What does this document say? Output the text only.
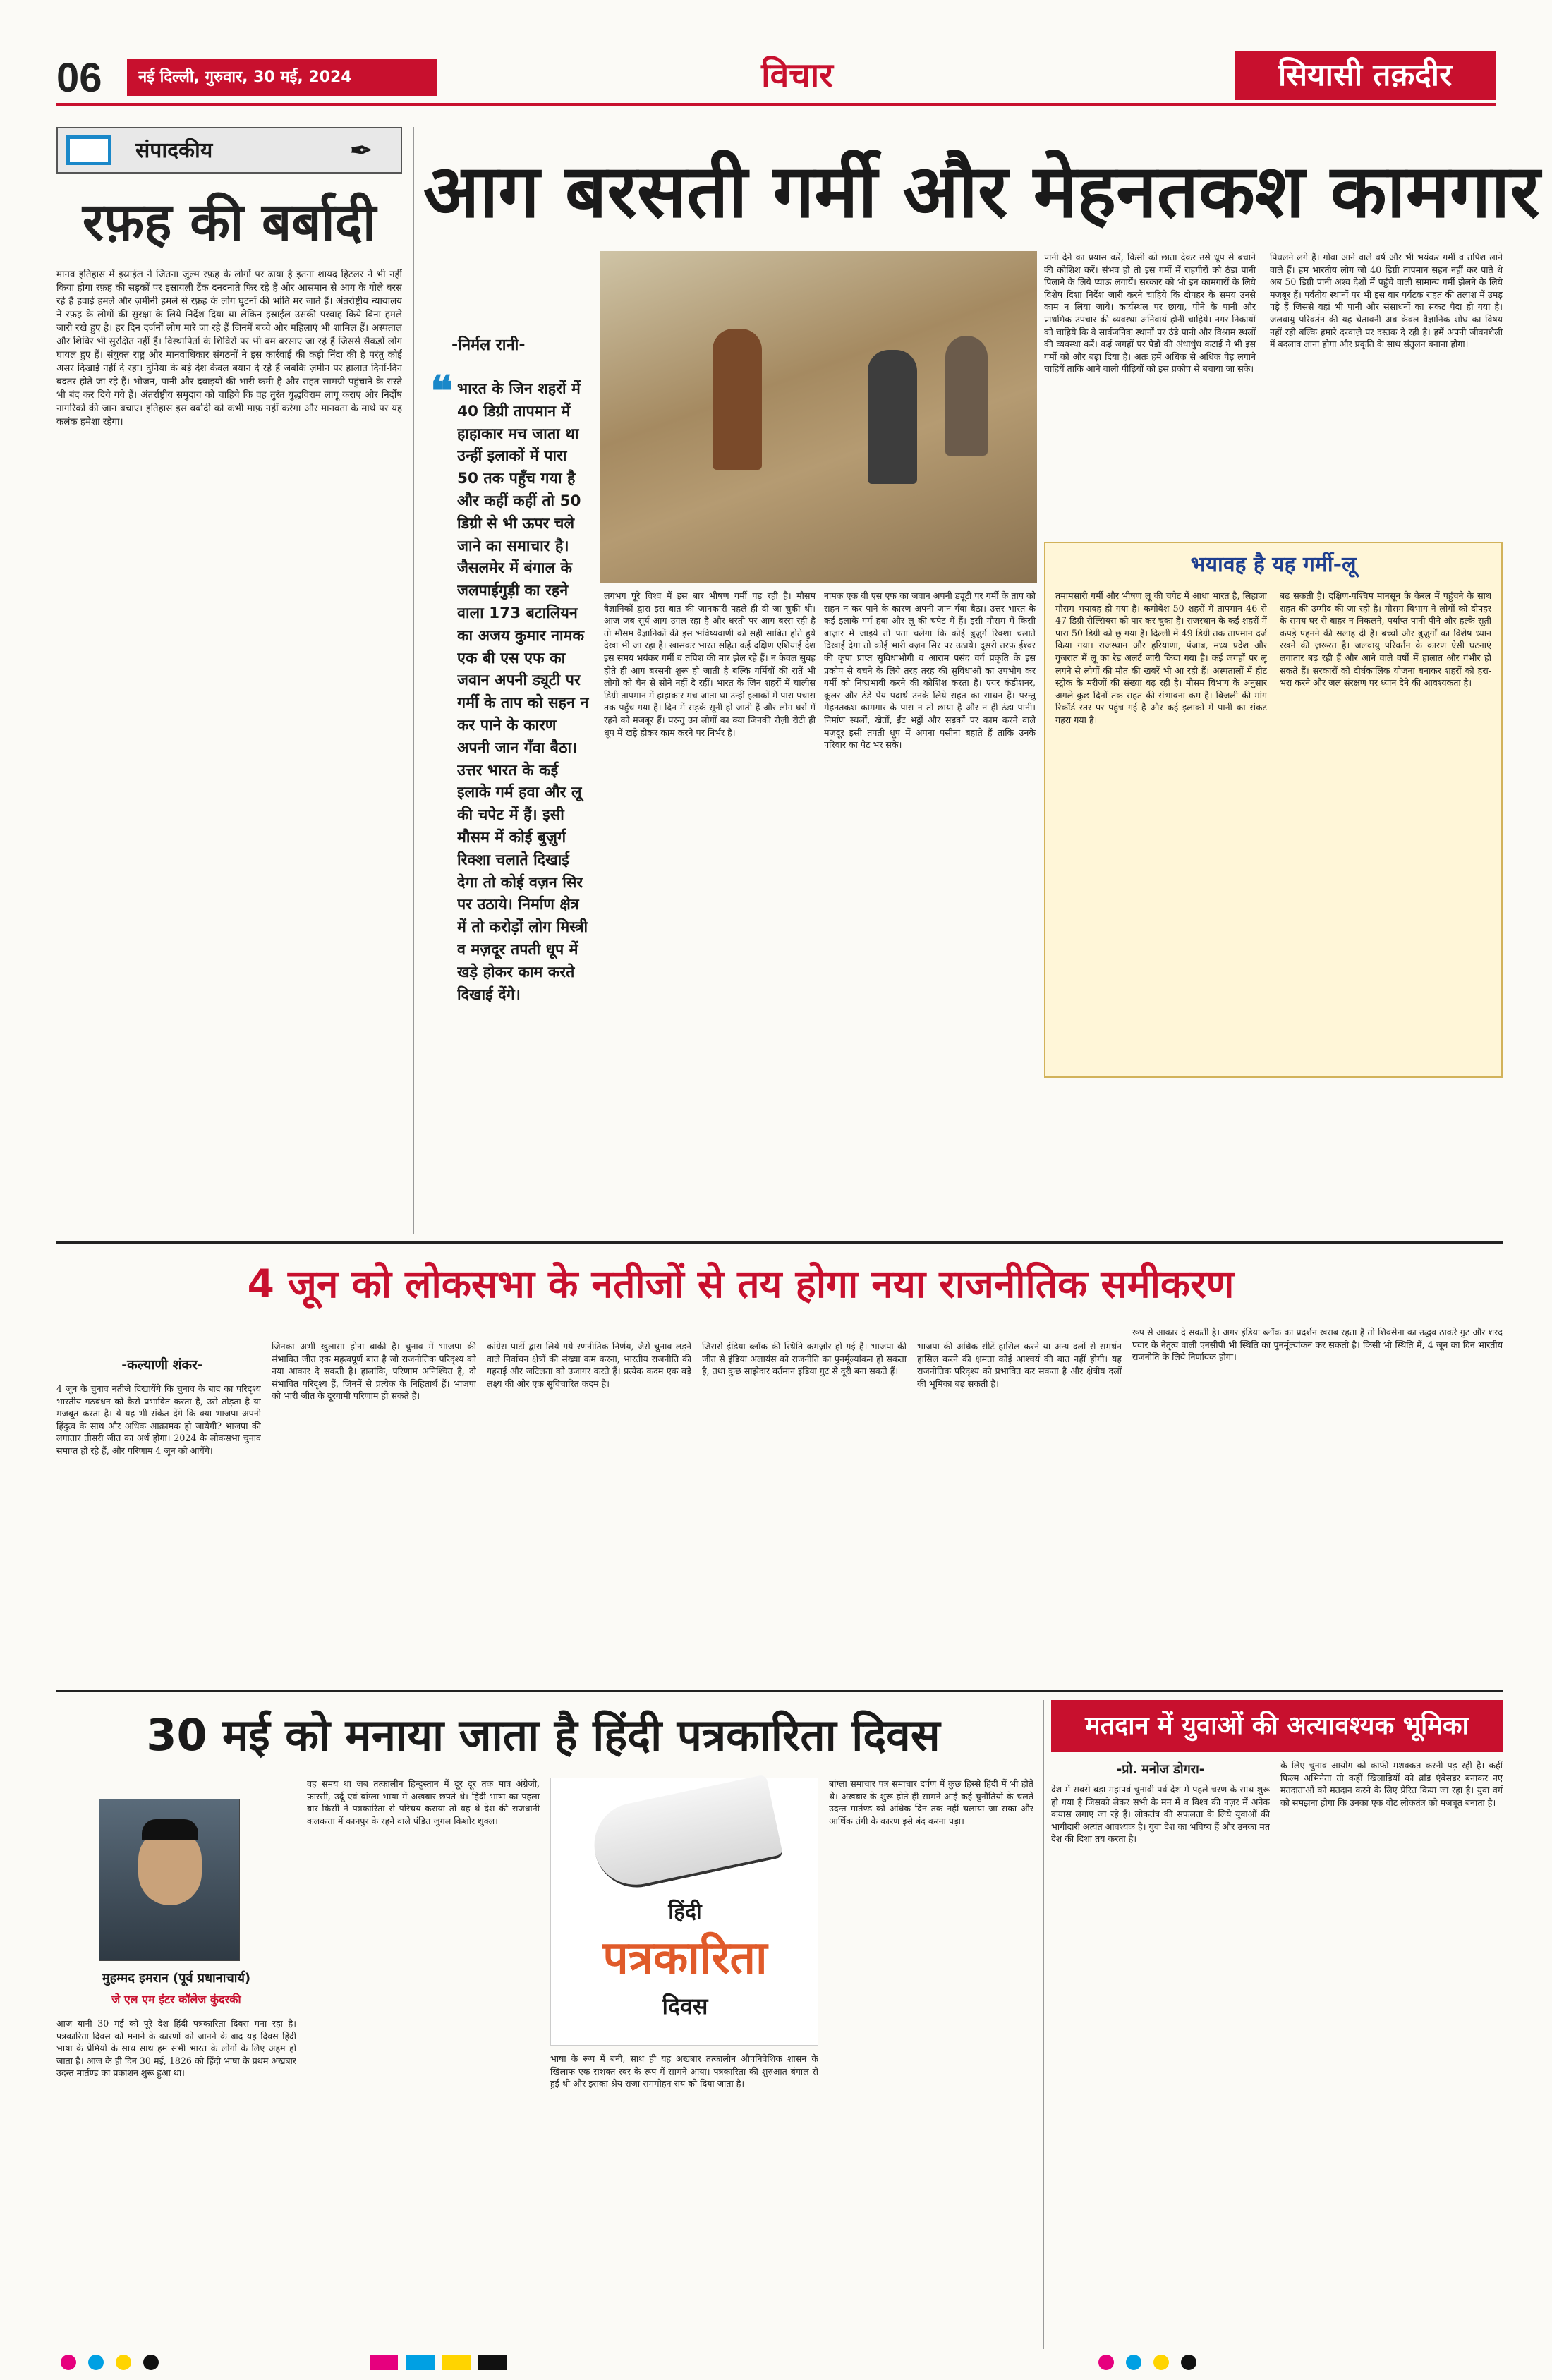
06	नई दिल्ली, गुरुवार, 30 मई, 2024	विचार	सियासी तक़दीर
संपादकीय	✒
रफ़ह की बर्बादी
मानव इतिहास में इस्राईल ने जितना जुल्म रफ़ह के लोगों पर ढाया है इतना शायद हिटलर ने भी नहीं किया होगा रफ़ह की सड़कों पर इस्रायली टैंक दनदनाते फिर रहे हैं और आसमान से आग के गोले बरस रहे हैं हवाई हमले और ज़मीनी हमले से रफ़ह के लोग घुटनों की भांति मर जाते हैं। अंतर्राष्ट्रीय न्यायालय ने रफ़ह के लोगों की सुरक्षा के लिये निर्देश दिया था लेकिन इस्राईल उसकी परवाह किये बिना हमले जारी रखे हुए है। हर दिन दर्जनों लोग मारे जा रहे हैं जिनमें बच्चे और महिलाएं भी शामिल हैं। अस्पताल और शिविर भी सुरक्षित नहीं हैं। विस्थापितों के शिविरों पर भी बम बरसाए जा रहे हैं जिससे सैकड़ों लोग घायल हुए हैं। संयुक्त राष्ट्र और मानवाधिकार संगठनों ने इस कार्रवाई की कड़ी निंदा की है परंतु कोई असर दिखाई नहीं दे रहा। दुनिया के बड़े देश केवल बयान दे रहे हैं जबकि ज़मीन पर हालात दिनों-दिन बदतर होते जा रहे हैं। भोजन, पानी और दवाइयों की भारी कमी है और राहत सामग्री पहुंचाने के रास्ते भी बंद कर दिये गये हैं। अंतर्राष्ट्रीय समुदाय को चाहिये कि वह तुरंत युद्धविराम लागू कराए और निर्दोष नागरिकों की जान बचाए। इतिहास इस बर्बादी को कभी माफ़ नहीं करेगा और मानवता के माथे पर यह कलंक हमेशा रहेगा।
आग बरसती गर्मी और मेहनतकश कामगार
-निर्मल रानी-
❝ भारत के जिन शहरों में 40 डिग्री तापमान में हाहाकार मच जाता था उन्हीं इलाकों में पारा 50 तक पहुँच गया है और कहीं कहीं तो 50 डिग्री से भी ऊपर चले जाने का समाचार है। जैसलमेर में बंगाल के जलपाईगुड़ी का रहने वाला 173 बटालियन का अजय कुमार नामक एक बी एस एफ का जवान अपनी ड्यूटी पर गर्मी के ताप को सहन न कर पाने के कारण अपनी जान गँवा बैठा। उत्तर भारत के कई इलाके गर्म हवा और लू की चपेट में हैं। इसी मौसम में कोई बुज़ुर्ग रिक्शा चलाते दिखाई देगा तो कोई वज़न सिर पर उठाये। निर्माण क्षेत्र में तो करोड़ों लोग मिस्त्री व मज़दूर तपती धूप में खड़े होकर काम करते दिखाई देंगे।
लगभग पूरे विश्व में इस बार भीषण गर्मी पड़ रही है। मौसम वैज्ञानिकों द्वारा इस बात की जानकारी पहले ही दी जा चुकी थी। आज जब सूर्य आग उगल रहा है और धरती पर आग बरस रही है तो मौसम वैज्ञानिकों की इस भविष्यवाणी को सही साबित होते हुये देखा भी जा रहा है। खासकर भारत सहित कई दक्षिण एशियाई देश इस समय भयंकर गर्मी व तपिश की मार झेल रहे हैं। न केवल सुबह होते ही आग बरसनी शुरू हो जाती है बल्कि गर्मियों की रातें भी लोगों को चैन से सोने नहीं दे रहीं। भारत के जिन शहरों में चालीस डिग्री तापमान में हाहाकार मच जाता था उन्हीं इलाकों में पारा पचास तक पहुँच गया है। दिन में सड़कें सूनी हो जाती हैं और लोग घरों में रहने को मजबूर हैं। परन्तु उन लोगों का क्या जिनकी रोज़ी रोटी ही धूप में खड़े होकर काम करने पर निर्भर है।
नामक एक बी एस एफ का जवान अपनी ड्यूटी पर गर्मी के ताप को सहन न कर पाने के कारण अपनी जान गँवा बैठा। उत्तर भारत के कई इलाके गर्म हवा और लू की चपेट में हैं। इसी मौसम में किसी बाज़ार में जाइये तो पता चलेगा कि कोई बुज़ुर्ग रिक्शा चलाते दिखाई देगा तो कोई भारी वज़न सिर पर उठाये। दूसरी तरफ़ ईश्वर की कृपा प्राप्त सुविधाभोगी व आराम पसंद वर्ग प्रकृति के इस प्रकोप से बचने के लिये तरह तरह की सुविधाओं का उपभोग कर गर्मी को निष्प्रभावी करने की कोशिश करता है। एयर कंडीशनर, कूलर और ठंडे पेय पदार्थ उनके लिये राहत का साधन हैं। परन्तु मेहनतकश कामगार के पास न तो छाया है और न ही ठंडा पानी। निर्माण स्थलों, खेतों, ईंट भट्ठों और सड़कों पर काम करने वाले मज़दूर इसी तपती धूप में अपना पसीना बहाते हैं ताकि उनके परिवार का पेट भर सके।
पानी देने का प्रयास करें, किसी को छाता देकर उसे धूप से बचाने की कोशिश करें। संभव हो तो इस गर्मी में राहगीरों को ठंडा पानी पिलाने के लिये प्याऊ लगायें। सरकार को भी इन कामगारों के लिये विशेष दिशा निर्देश जारी करने चाहिये कि दोपहर के समय उनसे काम न लिया जाये। कार्यस्थल पर छाया, पीने के पानी और प्राथमिक उपचार की व्यवस्था अनिवार्य होनी चाहिये। नगर निकायों को चाहिये कि वे सार्वजनिक स्थानों पर ठंडे पानी और विश्राम स्थलों की व्यवस्था करें। कई जगहों पर पेड़ों की अंधाधुंध कटाई ने भी इस गर्मी को और बढ़ा दिया है। अतः हमें अधिक से अधिक पेड़ लगाने चाहियें ताकि आने वाली पीढ़ियों को इस प्रकोप से बचाया जा सके।
पिघलने लगे हैं। गोवा आने वाले वर्ष और भी भयंकर गर्मी व तपिश लाने वाले हैं। हम भारतीय लोग जो 40 डिग्री तापमान सहन नहीं कर पाते थे अब 50 डिग्री पानी अश्व देशों में पहुंचे वाली सामान्य गर्मी झेलने के लिये मजबूर हैं। पर्वतीय स्थानों पर भी इस बार पर्यटक राहत की तलाश में उमड़ पड़े हैं जिससे वहां भी पानी और संसाधनों का संकट पैदा हो गया है। जलवायु परिवर्तन की यह चेतावनी अब केवल वैज्ञानिक शोध का विषय नहीं रही बल्कि हमारे दरवाज़े पर दस्तक दे रही है। हमें अपनी जीवनशैली में बदलाव लाना होगा और प्रकृति के साथ संतुलन बनाना होगा।
भयावह है यह गर्मी-लू
तमामसारी गर्मी और भीषण लू की चपेट में आधा भारत है, लिहाजा मौसम भयावह हो गया है। कमोबेश 50 शहरों में तापमान 46 से 47 डिग्री सेल्सियस को पार कर चुका है। राजस्थान के कई शहरों में पारा 50 डिग्री को छू गया है। दिल्ली में 49 डिग्री तक तापमान दर्ज किया गया। राजस्थान और हरियाणा, पंजाब, मध्य प्रदेश और गुजरात में लू का रेड अलर्ट जारी किया गया है। कई जगहों पर लू लगने से लोगों की मौत की खबरें भी आ रही हैं। अस्पतालों में हीट स्ट्रोक के मरीजों की संख्या बढ़ रही है। मौसम विभाग के अनुसार अगले कुछ दिनों तक राहत की संभावना कम है। बिजली की मांग रिकॉर्ड स्तर पर पहुंच गई है और कई इलाकों में पानी का संकट गहरा गया है।
बढ़ सकती है। दक्षिण-पश्चिम मानसून के केरल में पहुंचने के साथ राहत की उम्मीद की जा रही है। मौसम विभाग ने लोगों को दोपहर के समय घर से बाहर न निकलने, पर्याप्त पानी पीने और हल्के सूती कपड़े पहनने की सलाह दी है। बच्चों और बुज़ुर्गों का विशेष ध्यान रखने की ज़रूरत है। जलवायु परिवर्तन के कारण ऐसी घटनाएं लगातार बढ़ रही हैं और आने वाले वर्षों में हालात और गंभीर हो सकते हैं। सरकारों को दीर्घकालिक योजना बनाकर शहरों को हरा-भरा करने और जल संरक्षण पर ध्यान देने की आवश्यकता है।
4 जून को लोकसभा के नतीजों से तय होगा नया राजनीतिक समीकरण
-कल्याणी शंकर-
4 जून के चुनाव नतीजे दिखायेंगे कि चुनाव के बाद का परिदृश्य भारतीय गठबंधन को कैसे प्रभावित करता है, उसे तोड़ता है या मजबूत करता है। ये यह भी संकेत देंगे कि क्या भाजपा अपनी हिंदुत्व के साथ और अधिक आक्रामक हो जायेगी? भाजपा की लगातार तीसरी जीत का अर्थ होगा। 2024 के लोकसभा चुनाव समाप्त हो रहे हैं, और परिणाम 4 जून को आयेंगे।
जिनका अभी खुलासा होना बाकी है। चुनाव में भाजपा की संभावित जीत एक महत्वपूर्ण बात है जो राजनीतिक परिदृश्य को नया आकार दे सकती है। हालांकि, परिणाम अनिश्चित है, दो संभावित परिदृश्य हैं, जिनमें से प्रत्येक के निहितार्थ हैं। भाजपा को भारी जीत के दूरगामी परिणाम हो सकते हैं।
कांग्रेस पार्टी द्वारा लिये गये रणनीतिक निर्णय, जैसे चुनाव लड़ने वाले निर्वाचन क्षेत्रों की संख्या कम करना, भारतीय राजनीति की गहराई और जटिलता को उजागर करते हैं। प्रत्येक कदम एक बड़े लक्ष्य की ओर एक सुविचारित कदम है।
जिससे इंडिया ब्लॉक की स्थिति कमज़ोर हो गई है। भाजपा की जीत से इंडिया अलायंस को राजनीति का पुनर्मूल्यांकन हो सकता है, तथा कुछ साझेदार वर्तमान इंडिया गुट से दूरी बना सकते हैं।
भाजपा की अधिक सीटें हासिल करने या अन्य दलों से समर्थन हासिल करने की क्षमता कोई आश्चर्य की बात नहीं होगी। यह राजनीतिक परिदृश्य को प्रभावित कर सकता है और क्षेत्रीय दलों की भूमिका बढ़ सकती है।
रूप से आकार दे सकती है। अगर इंडिया ब्लॉक का प्रदर्शन खराब रहता है तो शिवसेना का उद्धव ठाकरे गुट और शरद पवार के नेतृत्व वाली एनसीपी भी स्थिति का पुनर्मूल्यांकन कर सकती है। किसी भी स्थिति में, 4 जून का दिन भारतीय राजनीति के लिये निर्णायक होगा।
30 मई को मनाया जाता है हिंदी पत्रकारिता दिवस
मुहम्मद इमरान (पूर्व प्रधानाचार्य)
जे एल एम इंटर कॉलेज कुंदरकी
आज यानी 30 मई को पूरे देश हिंदी पत्रकारिता दिवस मना रहा है। पत्रकारिता दिवस को मनाने के कारणों को जानने के बाद यह दिवस हिंदी भाषा के प्रेमियों के साथ साथ हम सभी भारत के लोगों के लिए अहम हो जाता है। आज के ही दिन 30 मई, 1826 को हिंदी भाषा के प्रथम अखबार उदन्त मार्तण्ड का प्रकाशन शुरू हुआ था।
वह समय था जब तत्कालीन हिन्दुस्तान में दूर दूर तक मात्र अंग्रेजी, फ़ारसी, उर्दू एवं बांग्ला भाषा में अखबार छपते थे। हिंदी भाषा का पहला बार किसी ने पत्रकारिता से परिचय कराया तो वह थे देश की राजधानी कलकत्ता में कानपुर के रहने वाले पंडित जुगल किशोर शुक्ल।
हिंदी
पत्रकारिता
दिवस
भाषा के रूप में बनी, साथ ही यह अखबार तत्कालीन औपनिवेशिक शासन के खिलाफ एक सशक्त स्वर के रूप में सामने आया। पत्रकारिता की शुरुआत बंगाल से हुई थी और इसका श्रेय राजा राममोहन राय को दिया जाता है।
बांग्ला समाचार पत्र समाचार दर्पण में कुछ हिस्से हिंदी में भी होते थे। अखबार के शुरू होते ही सामने आई कई चुनौतियों के चलते उदन्त मार्तण्ड को अधिक दिन तक नहीं चलाया जा सका और आर्थिक तंगी के कारण इसे बंद करना पड़ा।
मतदान में युवाओं की अत्यावश्यक भूमिका
-प्रो. मनोज डोगरा-
देश में सबसे बड़ा महापर्व चुनावी पर्व देश में पहले चरण के साथ शुरू हो गया है जिसको लेकर सभी के मन में व विश्व की नज़र में अनेक कयास लगाए जा रहे हैं। लोकतंत्र की सफलता के लिये युवाओं की भागीदारी अत्यंत आवश्यक है। युवा देश का भविष्य हैं और उनका मत देश की दिशा तय करता है।
के लिए चुनाव आयोग को काफी मशक्कत करनी पड़ रही है। कहीं फिल्म अभिनेता तो कहीं खिलाड़ियों को ब्रांड एंबेसडर बनाकर नए मतदाताओं को मतदान करने के लिए प्रेरित किया जा रहा है। युवा वर्ग को समझना होगा कि उनका एक वोट लोकतंत्र को मजबूत बनाता है।
